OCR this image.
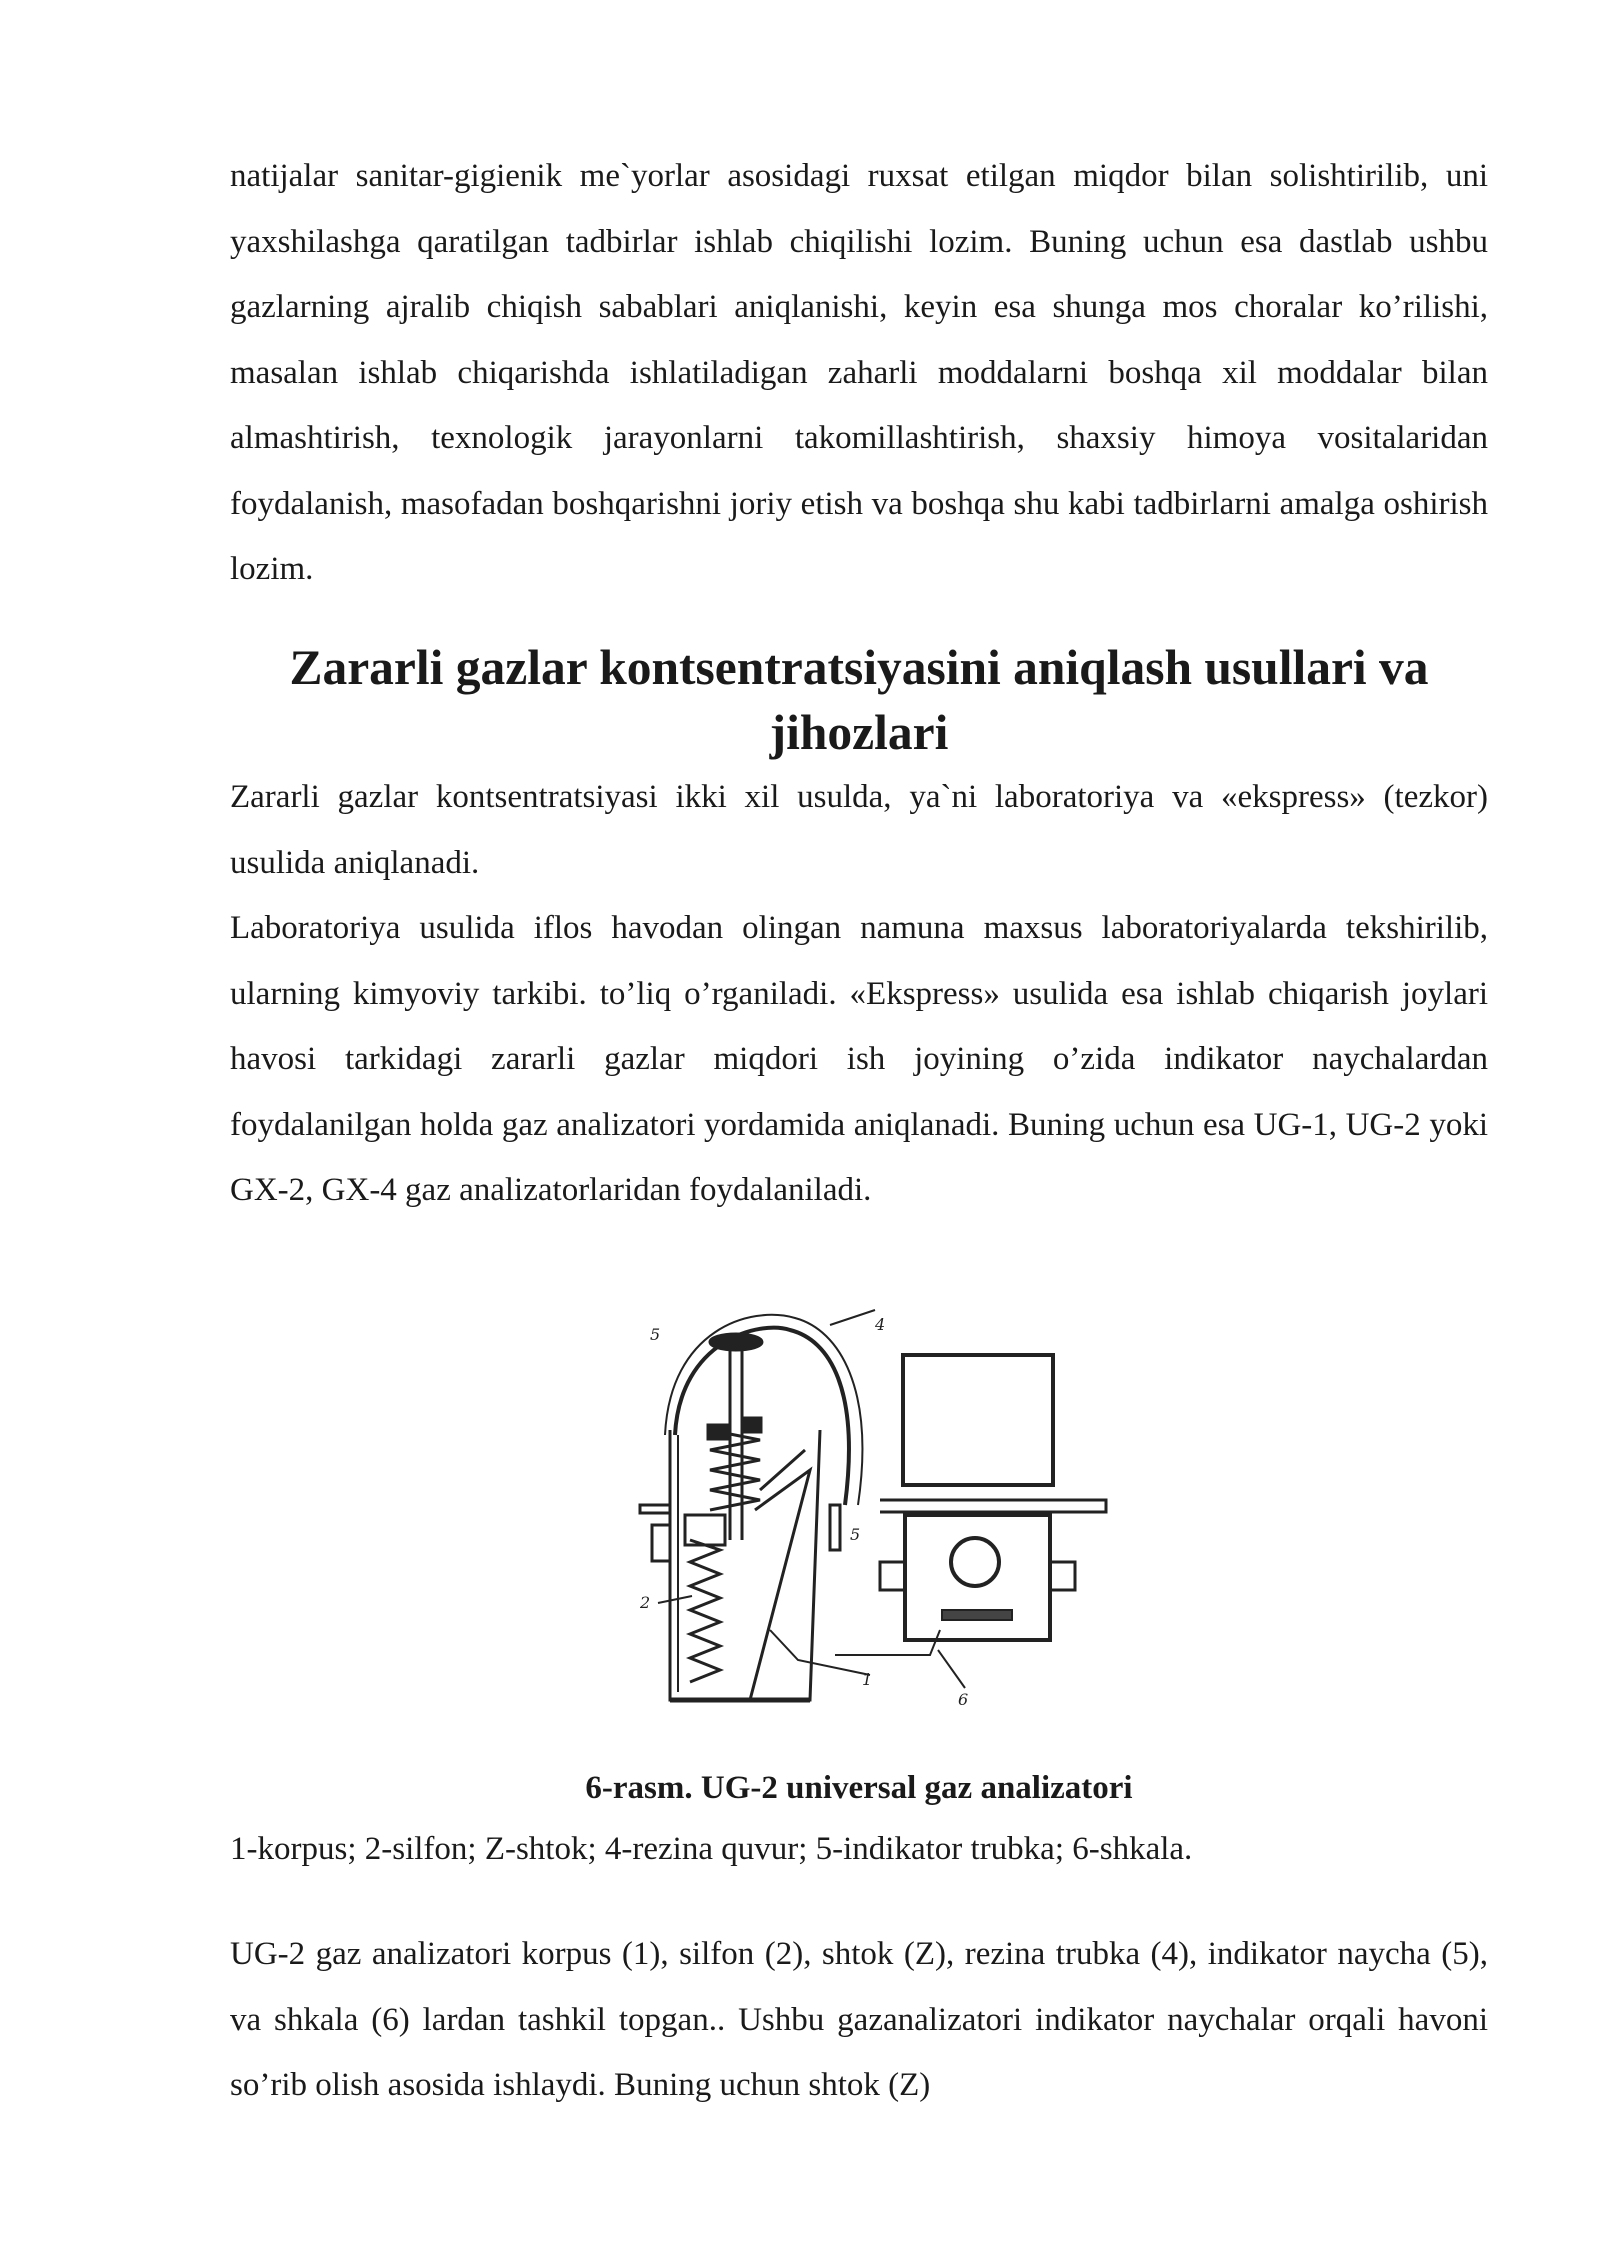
natijalar sanitar-gigienik me`yorlar asosidagi ruxsat etilgan miqdor bilan solishtirilib, uni yaxshilashga qaratilgan tadbirlar ishlab chiqilishi lozim. Buning uchun esa dastlab ushbu gazlarning ajralib chiqish sabablari aniqlanishi, keyin esa shunga mos choralar ko’rilishi, masalan ishlab chiqarishda ishlatiladigan zaharli moddalarni boshqa xil moddalar bilan almashtirish, texnologik jarayonlarni takomillashtirish, shaxsiy himoya vositalaridan foydalanish, masofadan boshqarishni joriy etish va boshqa shu kabi tadbirlarni amalga oshirish lozim.

Zararli gazlar kontsentratsiyasini aniqlash usullari va
jihozlari

Zararli gazlar kontsentratsiyasi ikki xil usulda, ya`ni laboratoriya va «ekspress» (tezkor) usulida aniqlanadi.

Laboratoriya usulida iflos havodan olingan namuna maxsus laboratoriyalarda tekshirilib, ularning kimyoviy tarkibi. to’liq o’rganiladi. «Ekspress» usulida esa ishlab chiqarish joylari havosi tarkidagi zararli gazlar miqdori ish joyining o’zida indikator naychalardan foydalanilgan holda gaz analizatori yordamida aniqlanadi. Buning uchun esa UG-1, UG-2 yoki GX-2, GX-4 gaz analizatorlaridan foydalaniladi.

5
4
5
2
1
6

6-rasm. UG-2 universal gaz analizatori

1-korpus; 2-silfon; Z-shtok; 4-rezina quvur; 5-indikator trubka; 6-shkala.

UG-2 gaz analizatori korpus (1), silfon (2), shtok (Z), rezina trubka (4), indikator naycha (5), va shkala (6) lardan tashkil topgan.. Ushbu gazanalizatori indikator naychalar orqali havoni so’rib olish asosida ishlaydi. Buning uchun shtok (Z)
